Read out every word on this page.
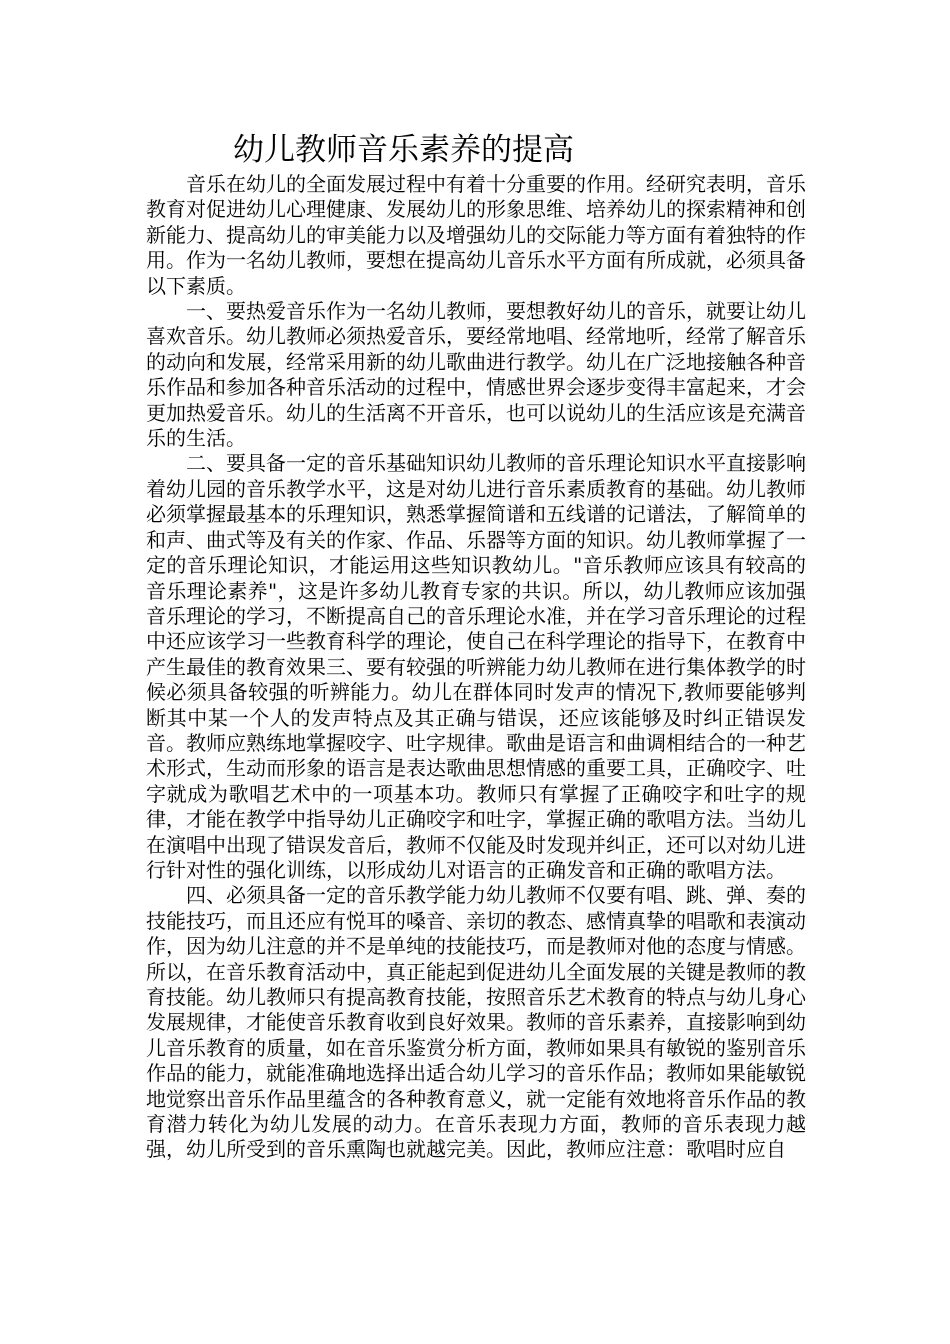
幼儿教师音乐素养的提高

音乐在幼儿的全面发展过程中有着十分重要的作用。经研究表明，音乐教育对促进幼儿心理健康、发展幼儿的形象思维、培养幼儿的探索精神和创新能力、提高幼儿的审美能力以及增强幼儿的交际能力等方面有着独特的作用。作为一名幼儿教师，要想在提高幼儿音乐水平方面有所成就，必须具备以下素质。

一、要热爱音乐作为一名幼儿教师，要想教好幼儿的音乐，就要让幼儿喜欢音乐。幼儿教师必须热爱音乐，要经常地唱、经常地听，经常了解音乐的动向和发展，经常采用新的幼儿歌曲进行教学。幼儿在广泛地接触各种音乐作品和参加各种音乐活动的过程中，情感世界会逐步变得丰富起来，才会更加热爱音乐。幼儿的生活离不开音乐，也可以说幼儿的生活应该是充满音乐的生活。

二、要具备一定的音乐基础知识幼儿教师的音乐理论知识水平直接影响着幼儿园的音乐教学水平，这是对幼儿进行音乐素质教育的基础。幼儿教师必须掌握最基本的乐理知识，熟悉掌握简谱和五线谱的记谱法，了解简单的和声、曲式等及有关的作家、作品、乐器等方面的知识。幼儿教师掌握了一定的音乐理论知识，才能运用这些知识教幼儿。"音乐教师应该具有较高的音乐理论素养"，这是许多幼儿教育专家的共识。所以，幼儿教师应该加强音乐理论的学习，不断提高自己的音乐理论水准，并在学习音乐理论的过程中还应该学习一些教育科学的理论，使自己在科学理论的指导下，在教育中产生最佳的教育效果三、要有较强的听辨能力幼儿教师在进行集体教学的时候必须具备较强的听辨能力。幼儿在群体同时发声的情况下,教师要能够判断其中某一个人的发声特点及其正确与错误，还应该能够及时纠正错误发音。教师应熟练地掌握咬字、吐字规律。歌曲是语言和曲调相结合的一种艺术形式，生动而形象的语言是表达歌曲思想情感的重要工具，正确咬字、吐字就成为歌唱艺术中的一项基本功。教师只有掌握了正确咬字和吐字的规律，才能在教学中指导幼儿正确咬字和吐字，掌握正确的歌唱方法。当幼儿在演唱中出现了错误发音后，教师不仅能及时发现并纠正，还可以对幼儿进行针对性的强化训练，以形成幼儿对语言的正确发音和正确的歌唱方法。

四、必须具备一定的音乐教学能力幼儿教师不仅要有唱、跳、弹、奏的技能技巧，而且还应有悦耳的嗓音、亲切的教态、感情真挚的唱歌和表演动作，因为幼儿注意的并不是单纯的技能技巧，而是教师对他的态度与情感。所以，在音乐教育活动中，真正能起到促进幼儿全面发展的关键是教师的教育技能。幼儿教师只有提高教育技能，按照音乐艺术教育的特点与幼儿身心发展规律，才能使音乐教育收到良好效果。教师的音乐素养，直接影响到幼儿音乐教育的质量，如在音乐鉴赏分析方面，教师如果具有敏锐的鉴别音乐作品的能力，就能准确地选择出适合幼儿学习的音乐作品；教师如果能敏锐地觉察出音乐作品里蕴含的各种教育意义，就一定能有效地将音乐作品的教育潜力转化为幼儿发展的动力。在音乐表现力方面，教师的音乐表现力越强，幼儿所受到的音乐熏陶也就越完美。因此，教师应注意：歌唱时应自
